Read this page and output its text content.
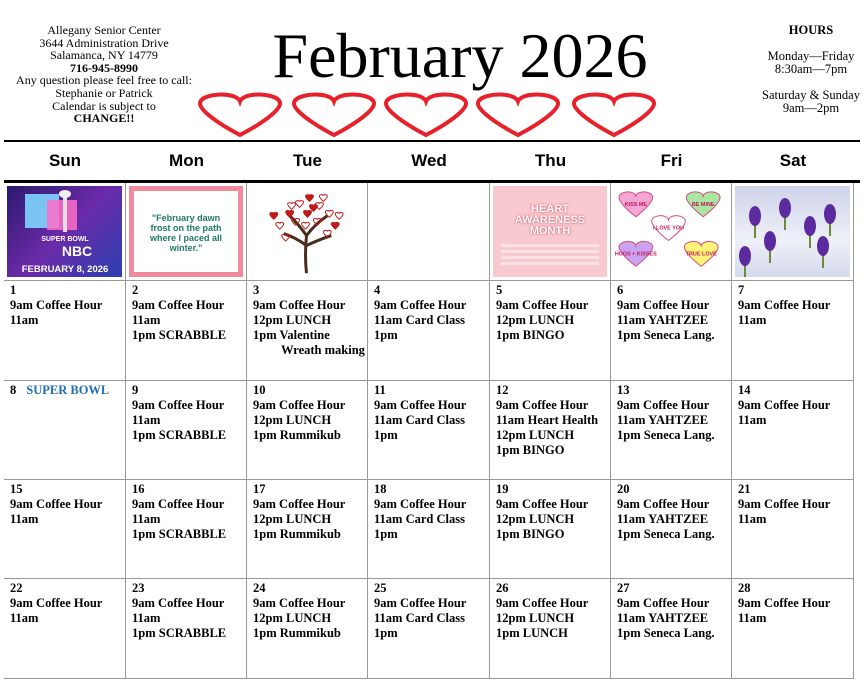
Allegany Senior Center
3644 Administration Drive
Salamanca, NY 14779
716-945-8990
Any question please feel free to call:
Stephanie or Patrick
Calendar is subject to
CHANGE!!
February 2026	HOURS
Monday—Friday
8:30am—7pm
Saturday & Sunday
9am—2pm
Sun	Mon	Tue	Wed	Thu	Fri	Sat
SUPER BOWL
NBC
FEBRUARY 8, 2026
"February dawn frost on the path where I paced all winter."
HEART
AWARENESS
MONTH
KISS ME	BE MINE
I LOVE YOU
HUGS + KISSES	TRUE LOVE
1
9am Coffee Hour
11am
2
9am Coffee Hour
11am
1pm SCRABBLE
3
9am Coffee Hour
12pm LUNCH
1pm Valentine
Wreath making
4
9am Coffee Hour
11am Card Class
1pm
5
9am Coffee Hour
12pm LUNCH
1pm BINGO
6
9am Coffee Hour
11am YAHTZEE
1pm Seneca Lang.
7
9am Coffee Hour
11am
8 SUPER BOWL	9
9am Coffee Hour
11am
1pm SCRABBLE
10
9am Coffee Hour
12pm LUNCH
1pm Rummikub
11
9am Coffee Hour
11am Card Class
1pm
12
9am Coffee Hour
11am Heart Health
12pm LUNCH
1pm BINGO
13
9am Coffee Hour
11am YAHTZEE
1pm Seneca Lang.
14
9am Coffee Hour
11am
15
9am Coffee Hour
11am
16
9am Coffee Hour
11am
1pm SCRABBLE
17
9am Coffee Hour
12pm LUNCH
1pm Rummikub
18
9am Coffee Hour
11am Card Class
1pm
19
9am Coffee Hour
12pm LUNCH
1pm BINGO
20
9am Coffee Hour
11am YAHTZEE
1pm Seneca Lang.
21
9am Coffee Hour
11am
22
9am Coffee Hour
11am
23
9am Coffee Hour
11am
1pm SCRABBLE
24
9am Coffee Hour
12pm LUNCH
1pm Rummikub
25
9am Coffee Hour
11am Card Class
1pm
26
9am Coffee Hour
12pm LUNCH
1pm LUNCH
27
9am Coffee Hour
11am YAHTZEE
1pm Seneca Lang.
28
9am Coffee Hour
11am
